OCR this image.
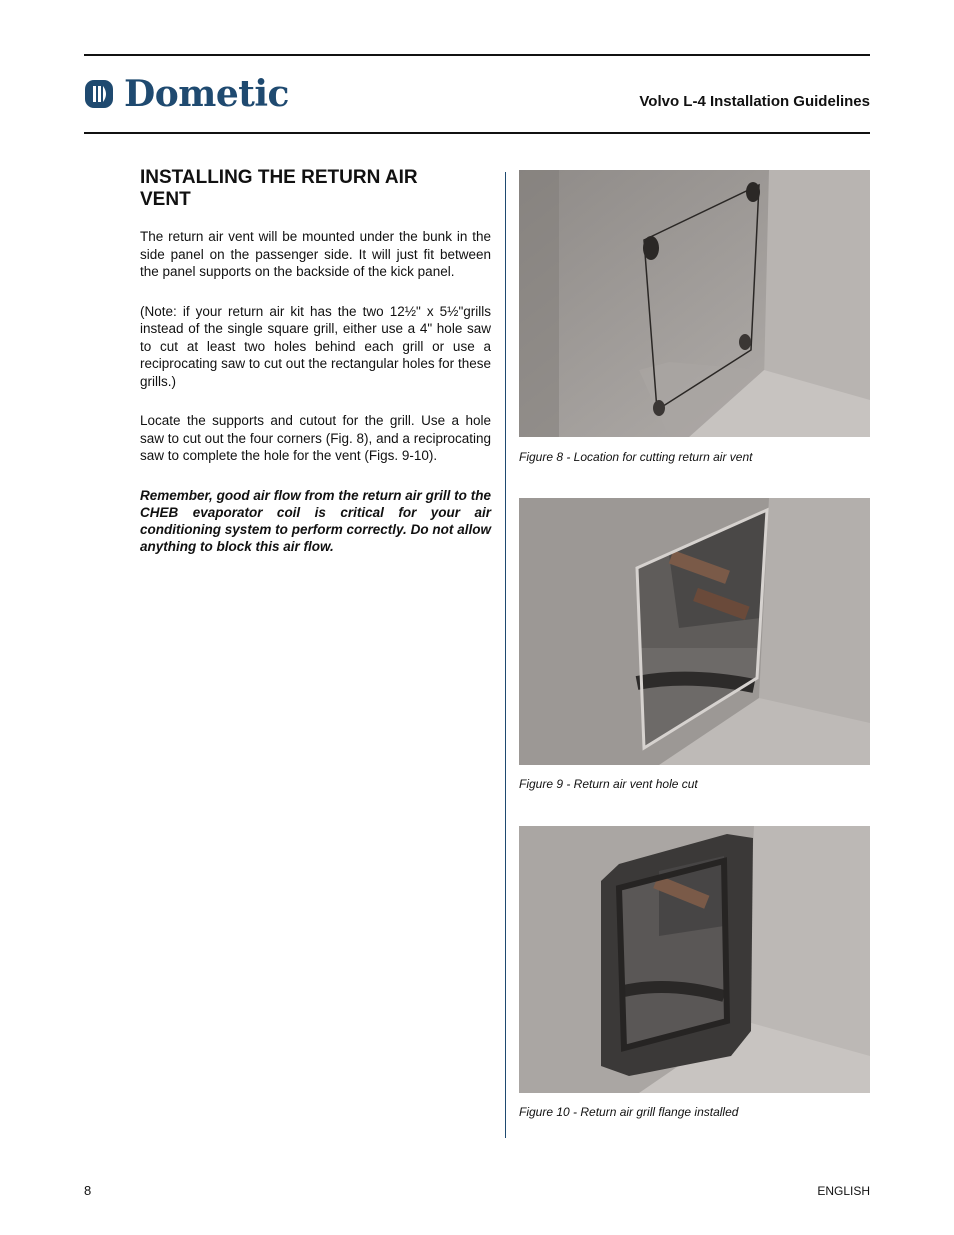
Dometic	Volvo L-4 Installation Guidelines
INSTALLING THE RETURN AIR VENT

The return air vent will be mounted under the bunk in the side panel on the passenger side. It will just fit between the panel supports on the backside of the kick panel.

(Note: if your return air kit has the two 12½" x 5½"grills instead of the single square grill, either use a 4" hole saw to cut at least two holes behind each grill or use a reciprocating saw to cut out the rectangular holes for these grills.)

Locate the supports and cutout for the grill. Use a hole saw to cut out the four corners (Fig. 8), and a reciprocating saw to complete the hole for the vent (Figs. 9-10).

Remember, good air flow from the return air grill to the CHEB evaporator coil is critical for your air conditioning system to perform correctly. Do not allow anything to block this air flow.

Figure 8 - Location for cutting return air vent
Figure 9 - Return air vent hole cut
Figure 10 - Return air grill flange installed
8	ENGLISH
